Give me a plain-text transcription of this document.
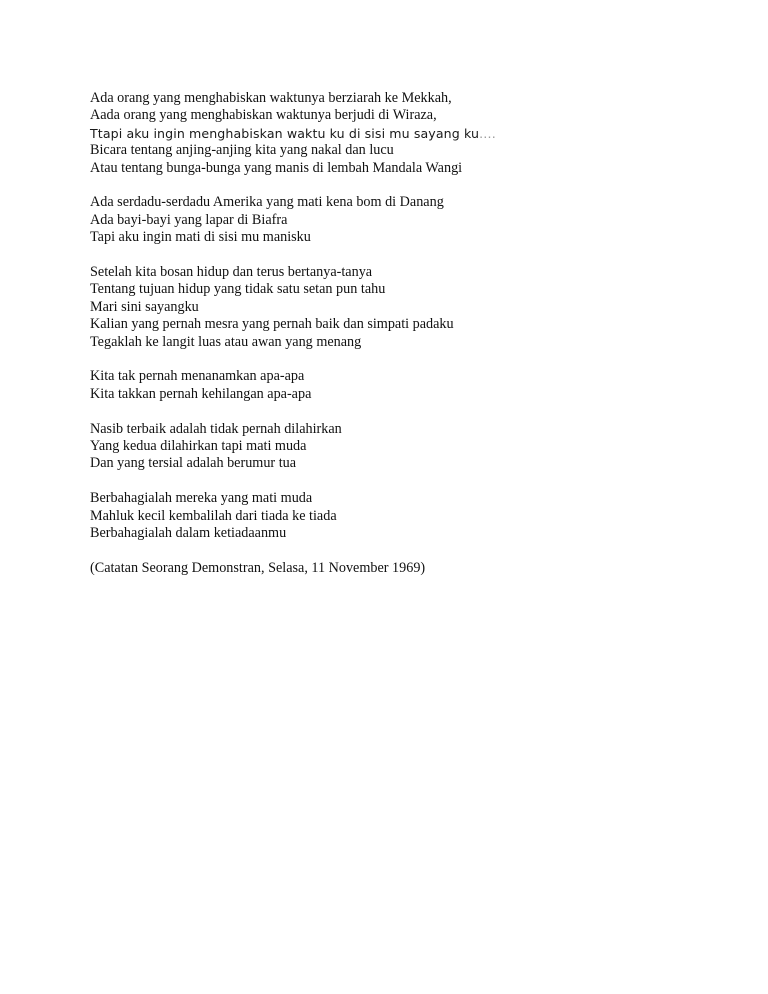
Ada orang yang menghabiskan waktunya berziarah ke Mekkah,
Aada orang yang menghabiskan waktunya berjudi di Wiraza,
Ttapi aku ingin menghabiskan waktu ku di sisi mu sayang ku….
Bicara tentang anjing-anjing kita yang nakal dan lucu
Atau tentang bunga-bunga yang manis di lembah Mandala Wangi
Ada serdadu-serdadu Amerika yang mati kena bom di Danang
Ada bayi-bayi yang lapar di Biafra
Tapi aku ingin mati di sisi mu manisku
Setelah kita bosan hidup dan terus bertanya-tanya
Tentang tujuan hidup yang tidak satu setan pun tahu
Mari sini sayangku
Kalian yang pernah mesra yang pernah baik dan simpati padaku
Tegaklah ke langit luas atau awan yang menang
Kita tak pernah menanamkan apa-apa
Kita takkan pernah kehilangan apa-apa
Nasib terbaik adalah tidak pernah dilahirkan
Yang kedua dilahirkan tapi mati muda
Dan yang tersial adalah berumur tua
Berbahagialah mereka yang mati muda
Mahluk kecil kembalilah dari tiada ke tiada
Berbahagialah dalam ketiadaanmu
(Catatan Seorang Demonstran, Selasa, 11 November 1969)
